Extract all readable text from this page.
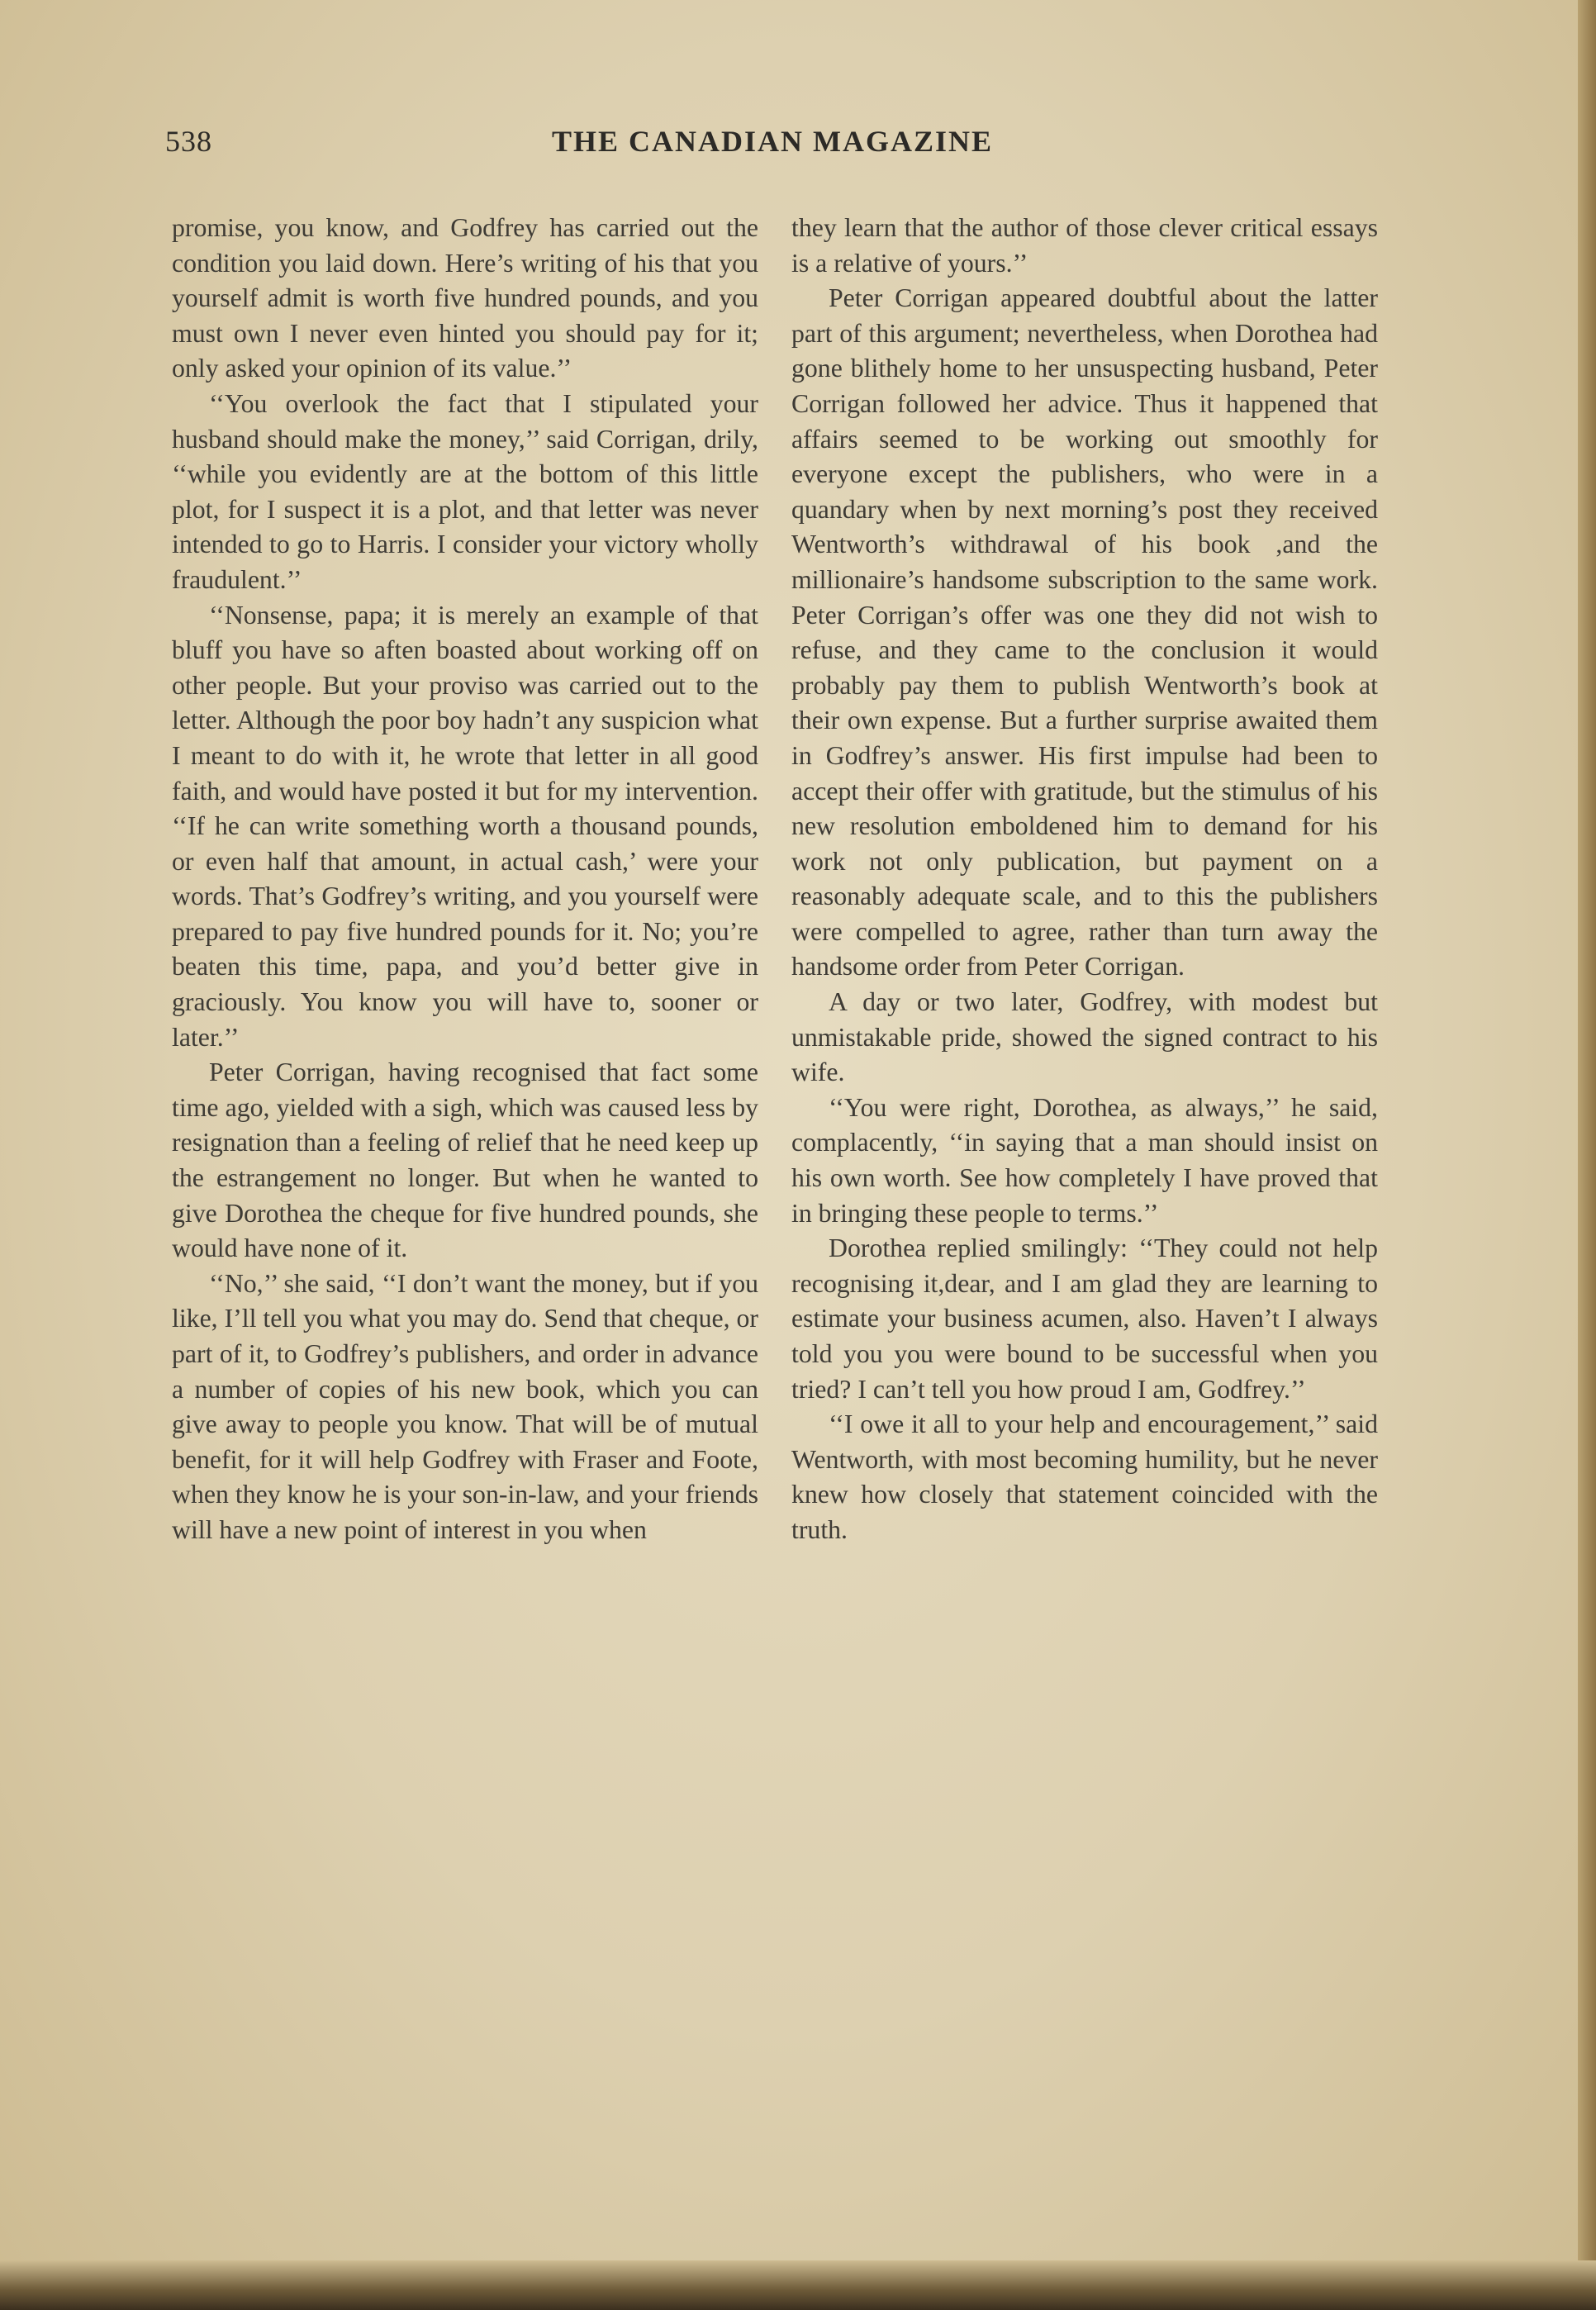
538	THE CANADIAN MAGAZINE

promise, you know, and Godfrey has carried out the condition you laid down. Here’s writing of his that you yourself admit is worth five hundred pounds, and you must own I never even hinted you should pay for it; only asked your opinion of its value.’’

‘‘You overlook the fact that I stipulated your husband should make the money,’’ said Corrigan, drily, ‘‘while you evidently are at the bottom of this little plot, for I suspect it is a plot, and that letter was never intended to go to Harris. I consider your victory wholly fraudulent.’’

‘‘Nonsense, papa; it is merely an example of that bluff you have so aften boasted about working off on other people. But your proviso was carried out to the letter. Although the poor boy hadn’t any suspicion what I meant to do with it, he wrote that letter in all good faith, and would have posted it but for my intervention. ‘‘If he can write something worth a thousand pounds, or even half that amount, in actual cash,’ were your words. That’s Godfrey’s writing, and you yourself were prepared to pay five hundred pounds for it. No; you’re beaten this time, papa, and you’d better give in graciously. You know you will have to, sooner or later.’’

Peter Corrigan, having recognised that fact some time ago, yielded with a sigh, which was caused less by resignation than a feeling of relief that he need keep up the estrangement no longer. But when he wanted to give Dorothea the cheque for five hundred pounds, she would have none of it.

‘‘No,’’ she said, ‘‘I don’t want the money, but if you like, I’ll tell you what you may do. Send that cheque, or part of it, to Godfrey’s publishers, and order in advance a number of copies of his new book, which you can give away to people you know. That will be of mutual benefit, for it will help Godfrey with Fraser and Foote, when they know he is your son-in-law, and your friends will have a new point of interest in you when

they learn that the author of those clever critical essays is a relative of yours.’’

Peter Corrigan appeared doubtful about the latter part of this argument; nevertheless, when Dorothea had gone blithely home to her unsuspecting husband, Peter Corrigan followed her advice. Thus it happened that affairs seemed to be working out smoothly for everyone except the publishers, who were in a quandary when by next morning’s post they received Wentworth’s withdrawal of his book ,and the millionaire’s handsome subscription to the same work. Peter Corrigan’s offer was one they did not wish to refuse, and they came to the conclusion it would probably pay them to publish Wentworth’s book at their own expense. But a further surprise awaited them in Godfrey’s answer. His first impulse had been to accept their offer with gratitude, but the stimulus of his new resolution emboldened him to demand for his work not only publication, but payment on a reasonably adequate scale, and to this the publishers were compelled to agree, rather than turn away the handsome order from Peter Corrigan.

A day or two later, Godfrey, with modest but unmistakable pride, showed the signed contract to his wife.

‘‘You were right, Dorothea, as always,’’ he said, complacently, ‘‘in saying that a man should insist on his own worth. See how completely I have proved that in bringing these people to terms.’’

Dorothea replied smilingly: ‘‘They could not help recognising it,dear, and I am glad they are learning to estimate your business acumen, also. Haven’t I always told you you were bound to be successful when you tried? I can’t tell you how proud I am, Godfrey.’’

‘‘I owe it all to your help and encouragement,’’ said Wentworth, with most becoming humility, but he never knew how closely that statement coincided with the truth.
